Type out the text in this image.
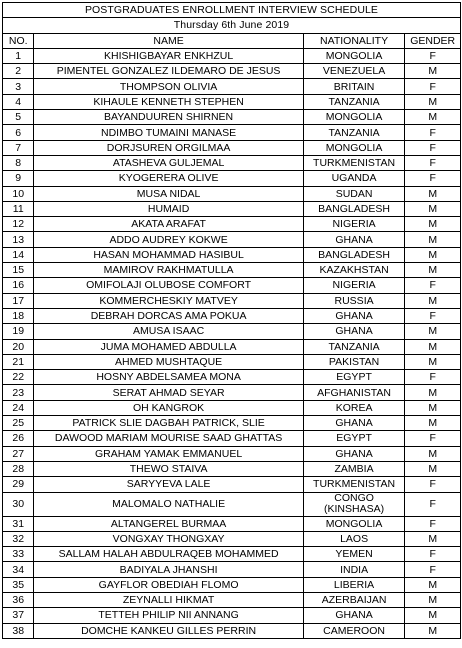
POSTGRADUATES ENROLLMENT INTERVIEW SCHEDULE			
Thursday 6th June 2019			
NO.	NAME	NATIONALITY	GENDER
1	KHISHIGBAYAR ENKHZUL	MONGOLIA	F
2	PIMENTEL GONZALEZ ILDEMARO DE JESUS	VENEZUELA	M
3	THOMPSON OLIVIA	BRITAIN	F
4	KIHAULE KENNETH STEPHEN	TANZANIA	M
5	BAYANDUUREN SHIRNEN	MONGOLIA	M
6	NDIMBO TUMAINI MANASE	TANZANIA	F
7	DORJSUREN ORGILMAA	MONGOLIA	F
8	ATASHEVA GULJEMAL	TURKMENISTAN	F
9	KYOGERERA OLIVE	UGANDA	F
10	MUSA NIDAL	SUDAN	M
11	HUMAID	BANGLADESH	M
12	AKATA ARAFAT	NIGERIA	M
13	ADDO AUDREY KOKWE	GHANA	M
14	HASAN MOHAMMAD HASIBUL	BANGLADESH	M
15	MAMIROV RAKHMATULLA	KAZAKHSTAN	M
16	OMIFOLAJI OLUBOSE COMFORT	NIGERIA	F
17	KOMMERCHESKIY MATVEY	RUSSIA	M
18	DEBRAH DORCAS AMA POKUA	GHANA	F
19	AMUSA ISAAC	GHANA	M
20	JUMA MOHAMED ABDULLA	TANZANIA	M
21	AHMED MUSHTAQUE	PAKISTAN	M
22	HOSNY ABDELSAMEA MONA	EGYPT	F
23	SERAT AHMAD SEYAR	AFGHANISTAN	M
24	OH KANGROK	KOREA	M
25	PATRICK SLIE DAGBAH PATRICK, SLIE	GHANA	M
26	DAWOOD MARIAM MOURISE SAAD GHATTAS	EGYPT	F
27	GRAHAM YAMAK EMMANUEL	GHANA	M
28	THEWO STAIVA	ZAMBIA	M
29	SARYYEVA LALE	TURKMENISTAN	F
30	MALOMALO NATHALIE	CONGO (KINSHASA)	F
31	ALTANGEREL BURMAA	MONGOLIA	F
32	VONGXAY THONGXAY	LAOS	M
33	SALLAM HALAH ABDULRAQEB MOHAMMED	YEMEN	F
34	BADIYALA JHANSHI	INDIA	F
35	GAYFLOR OBEDIAH FLOMO	LIBERIA	M
36	ZEYNALLI HIKMAT	AZERBAIJAN	M
37	TETTEH PHILIP NII ANNANG	GHANA	M
38	DOMCHE KANKEU GILLES PERRIN	CAMEROON	M
